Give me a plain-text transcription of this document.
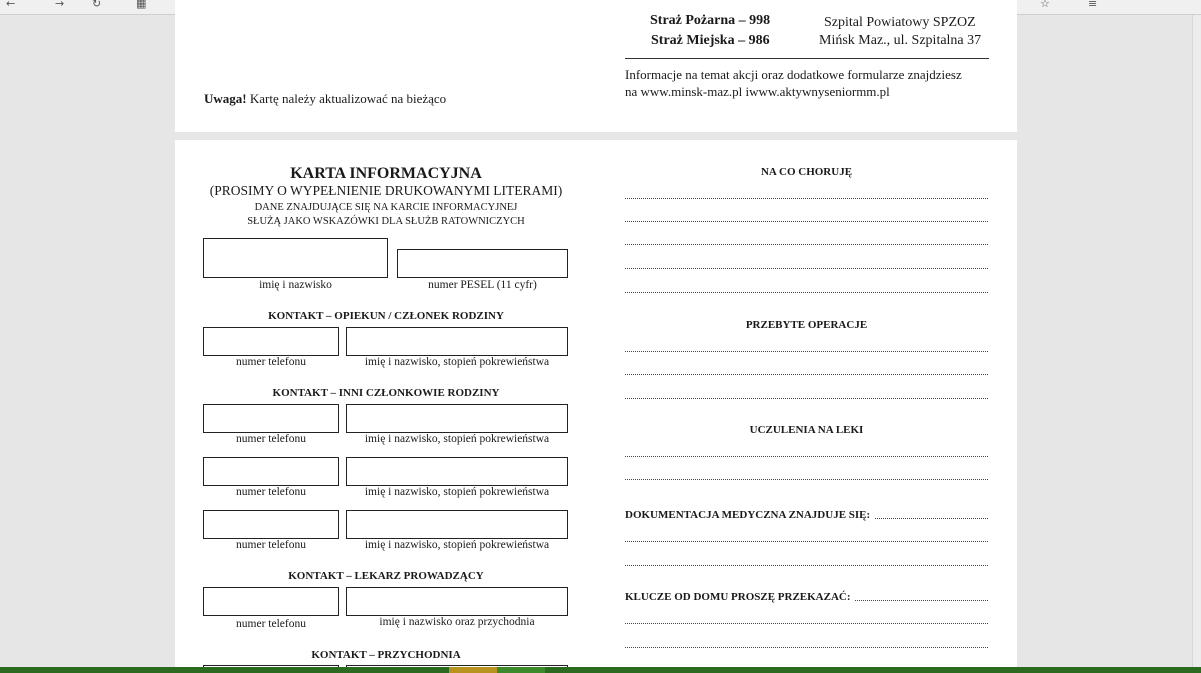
←	→	↻	▦	☆	≡
Straż Pożarna – 998
Straż Miejska – 986
Szpital Powiatowy SPZOZ
Mińsk Maz., ul. Szpitalna 37
Informacje na temat akcji oraz dodatkowe formularze znajdziesz
na www.minsk-maz.pl iwww.aktywnyseniormm.pl
Uwaga! Kartę należy aktualizować na bieżąco
KARTA INFORMACYJNA
(PROSIMY O WYPEŁNIENIE DRUKOWANYMI LITERAMI)
DANE ZNAJDUJĄCE SIĘ NA KARCIE INFORMACYJNEJ
SŁUŻĄ JAKO WSKAZÓWKI DLA SŁUŻB RATOWNICZYCH
imię i nazwisko	numer PESEL (11 cyfr)
KONTAKT – OPIEKUN / CZŁONEK RODZINY
numer telefonu	imię i nazwisko, stopień pokrewieństwa
KONTAKT – INNI CZŁONKOWIE RODZINY
numer telefonu	imię i nazwisko, stopień pokrewieństwa
numer telefonu	imię i nazwisko, stopień pokrewieństwa
numer telefonu	imię i nazwisko, stopień pokrewieństwa
KONTAKT – LEKARZ PROWADZĄCY
numer telefonu	imię i nazwisko oraz przychodnia
KONTAKT – PRZYCHODNIA
NA CO CHORUJĘ
PRZEBYTE OPERACJE
UCZULENIA NA LEKI
DOKUMENTACJA MEDYCZNA ZNAJDUJE SIĘ:
KLUCZE OD DOMU PROSZĘ PRZEKAZAĆ:
